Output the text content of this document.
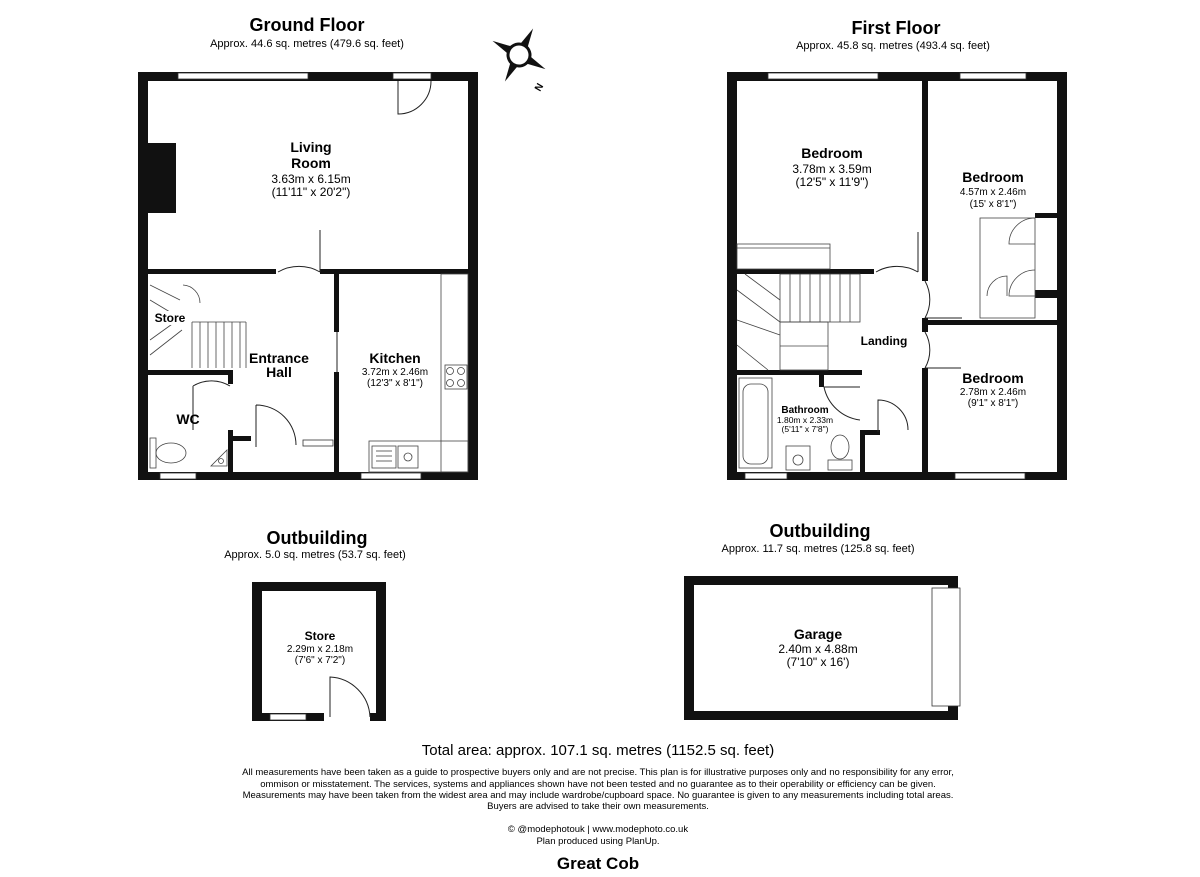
Ground Floor
Approx. 44.6 sq. metres (479.6 sq. feet)
Living
Room
3.63m x 6.15m
(11'11" x 20'2")
Store
Entrance
Hall
Kitchen
3.72m x 2.46m
(12'3" x 8'1")
WC
N
First Floor
Approx. 45.8 sq. metres (493.4 sq. feet)
Bedroom
3.78m x 3.59m
(12'5" x 11'9")	Bedroom
4.57m x 2.46m
(15' x 8'1")
Landing
Bedroom
2.78m x 2.46m
(9'1" x 8'1")
Bathroom
1.80m x 2.33m
(5'11" x 7'8")
Outbuilding
Approx. 5.0 sq. metres (53.7 sq. feet)
Store
2.29m x 2.18m
(7'6" x 7'2")
Outbuilding
Approx. 11.7 sq. metres (125.8 sq. feet)
Garage
2.40m x 4.88m
(7'10" x 16')
Total area: approx. 107.1 sq. metres (1152.5 sq. feet)
All measurements have been taken as a guide to prospective buyers only and are not precise. This plan is for illustrative purposes only and no responsibility for any error,
ommison or misstatement. The services, systems and appliances shown have not been tested and no guarantee as to their operability or efficiency can be given.
Measurements may have been taken from the widest area and may include wardrobe/cupboard space. No guarantee is given to any measurements including total areas.
Buyers are advised to take their own measurements.
© @modephotouk | www.modephoto.co.uk
Plan produced using PlanUp.
Great Cob
